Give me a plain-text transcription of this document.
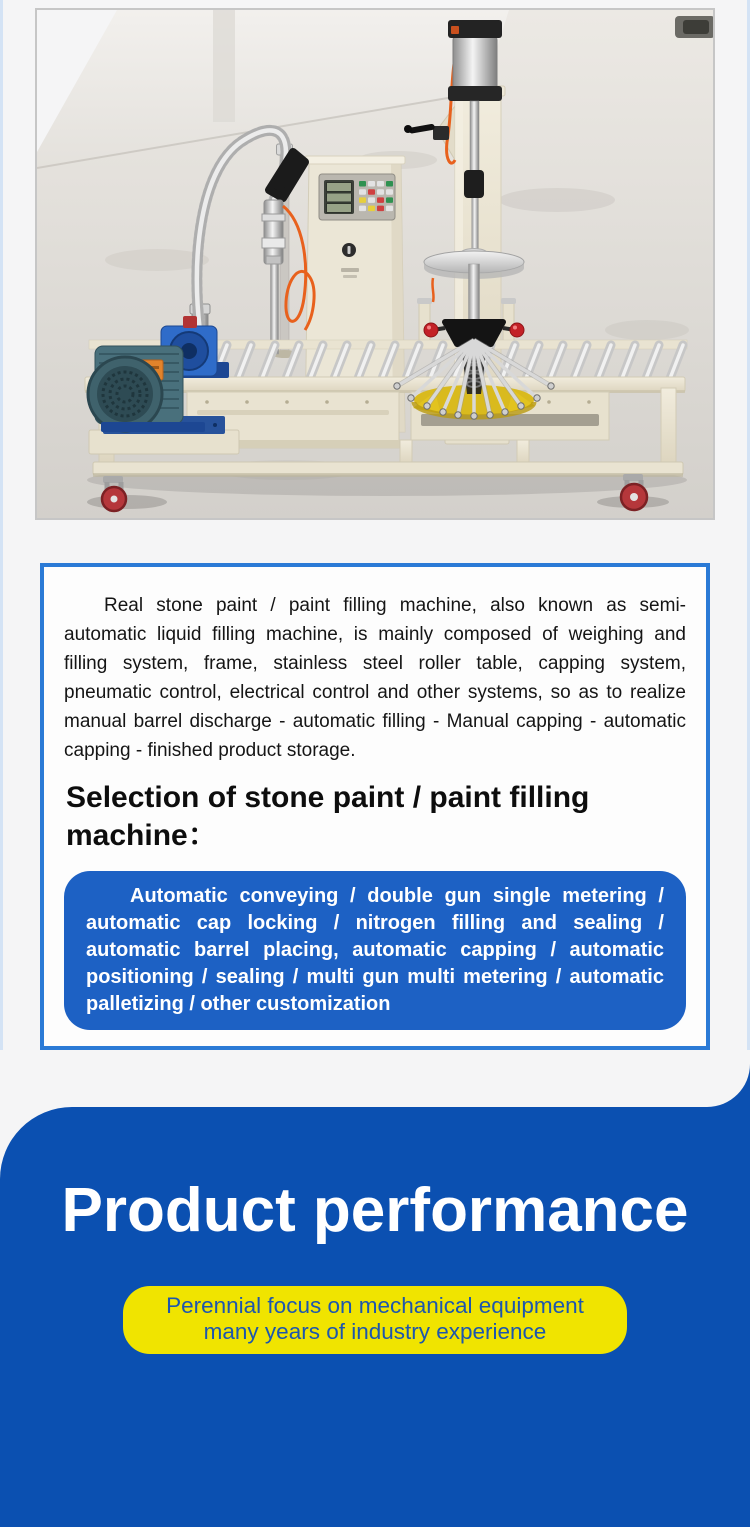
Real stone paint / paint filling machine, also known as semi-automatic liquid filling machine, is mainly composed of weighing and filling system, frame, stainless steel roller table, capping system, pneumatic control, electrical control and other systems, so as to realize manual barrel discharge - automatic filling - Manual capping - automatic capping - finished product storage.

Selection of stone paint / paint filling machine：
Automatic conveying / double gun single metering / automatic cap locking / nitrogen filling and sealing / automatic barrel placing, automatic capping / automatic positioning / sealing / multi gun multi metering / automatic palletizing / other customization
Product performance
Perennial focus on mechanical equipment
many years of industry experience
